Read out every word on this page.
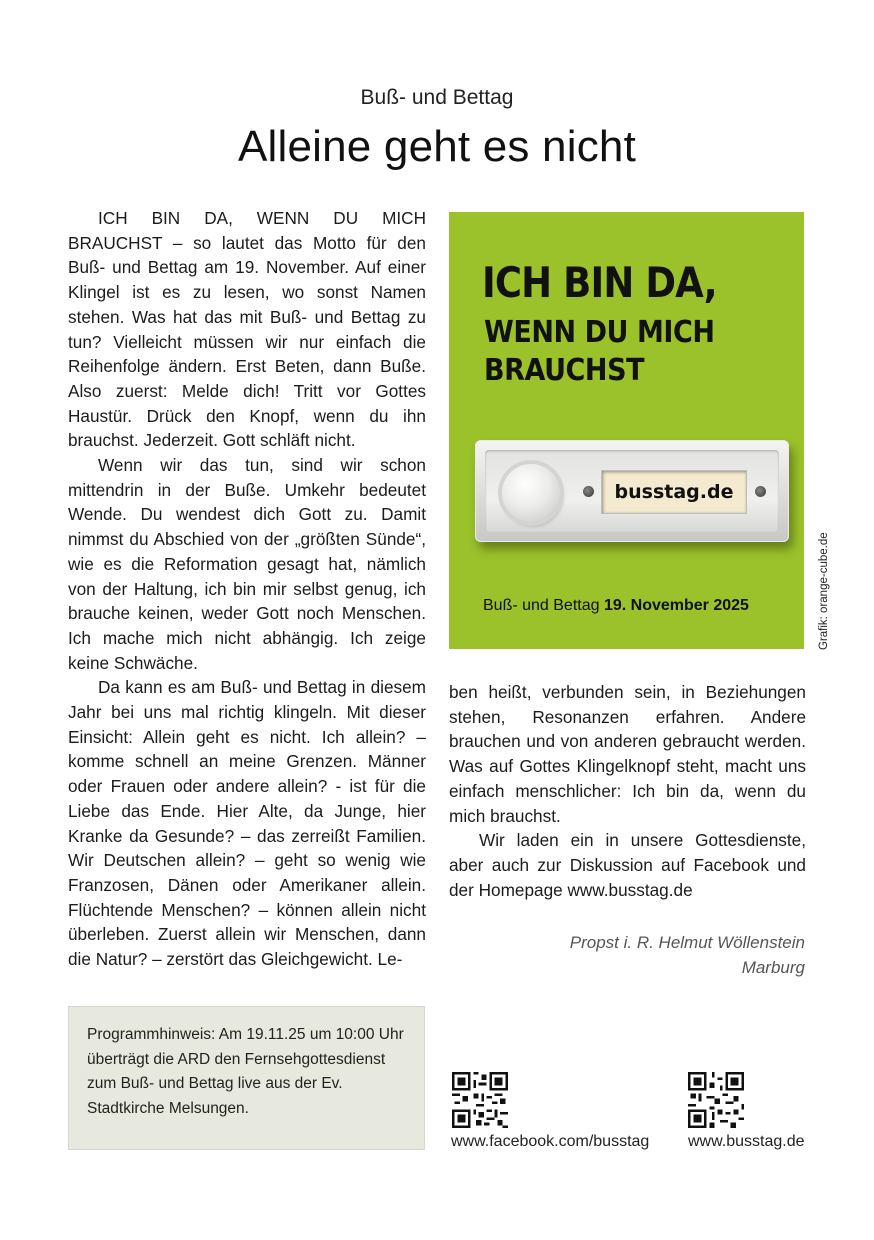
Buß- und Bettag
Alleine geht es nicht

ICH BIN DA, WENN DU MICH BRAUCHST – so lautet das Motto für den Buß- und Bettag am 19. November. Auf einer Klingel ist es zu lesen, wo sonst Namen stehen. Was hat das mit Buß- und Bettag zu tun? Vielleicht müssen wir nur einfach die Reihenfolge ändern. Erst Beten, dann Buße. Also zuerst: Melde dich! Tritt vor Gottes Haustür. Drück den Knopf, wenn du ihn brauchst. Jederzeit. Gott schläft nicht.

Wenn wir das tun, sind wir schon mittendrin in der Buße. Umkehr bedeutet Wende. Du wendest dich Gott zu. Damit nimmst du Abschied von der „größten Sünde“, wie es die Reformation gesagt hat, nämlich von der Haltung, ich bin mir selbst genug, ich brauche keinen, weder Gott noch Menschen. Ich mache mich nicht abhängig. Ich zeige keine Schwäche.

Da kann es am Buß- und Bettag in diesem Jahr bei uns mal richtig klingeln. Mit dieser Einsicht: Allein geht es nicht. Ich allein? – komme schnell an meine Grenzen. Männer oder Frauen oder andere allein? - ist für die Liebe das Ende. Hier Alte, da Junge, hier Kranke da Gesunde? – das zerreißt Familien. Wir Deutschen allein? – geht so wenig wie Franzosen, Dänen oder Amerikaner allein. Flüchtende Menschen? – können allein nicht überleben. Zuerst allein wir Menschen, dann die Natur? – zerstört das Gleichgewicht. Le-

ICH BIN DA,
WENN DU MICH
BRAUCHST
busstag.de
Buß- und Bettag 19. November 2025	Grafik: orange-cube.de

ben heißt, verbunden sein, in Beziehungen stehen, Resonanzen erfahren. Andere brauchen und von anderen gebraucht werden. Was auf Gottes Klingelknopf steht, macht uns einfach menschlicher: Ich bin da, wenn du mich brauchst.

Wir laden ein in unsere Gottesdienste, aber auch zur Diskussion auf Facebook und der Homepage www.busstag.de

Propst i. R. Helmut Wöllenstein
Marburg

Programmhinweis: Am 19.11.25 um 10:00 Uhr überträgt die ARD den Fernsehgottesdienst zum Buß- und Bettag live aus der Ev. Stadtkirche Melsungen.

www.facebook.com/busstag www.busstag.de
